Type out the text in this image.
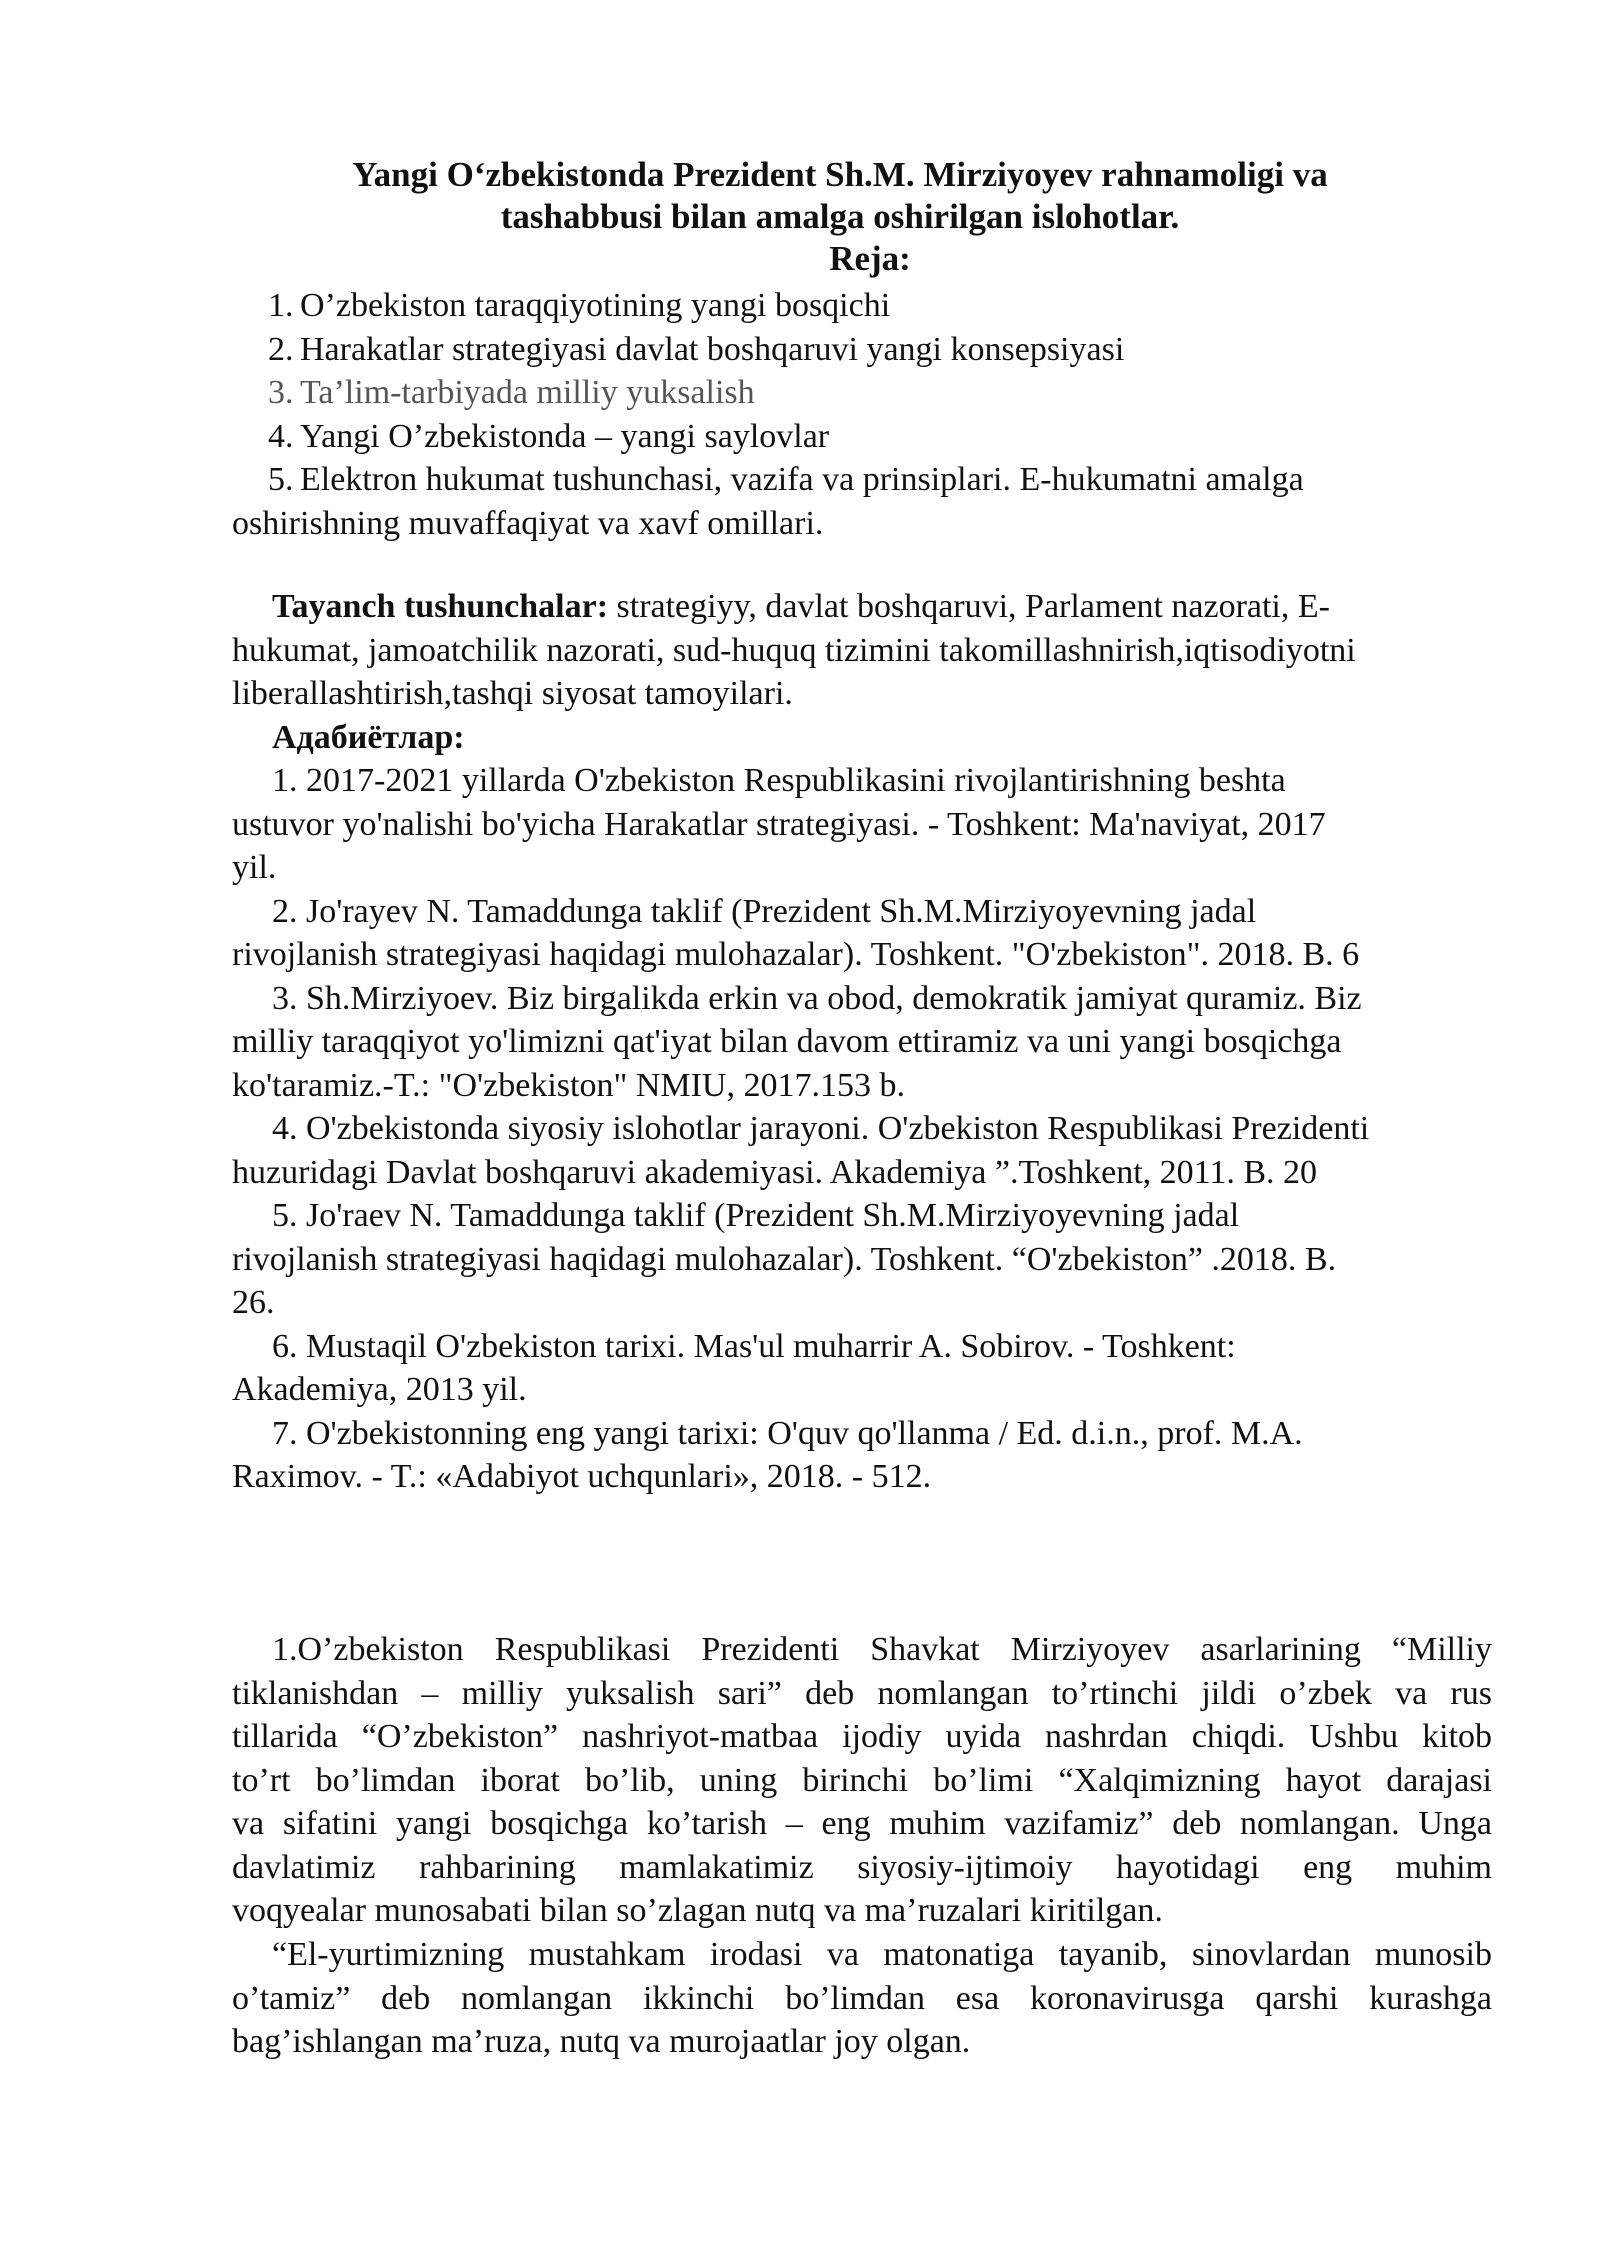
Yangi O‘zbekistonda Prezident Sh.M. Mirziyoyev rahnamoligi va
tashabbusi bilan amalga oshirilgan islohotlar.
Reja:
1. O’zbekiston taraqqiyotining yangi bosqichi
2. Harakatlar strategiyasi davlat boshqaruvi yangi konsepsiyasi
3. Ta’lim-tarbiyada milliy yuksalish
4. Yangi O’zbekistonda – yangi saylovlar
5. Elektron hukumat tushunchasi, vazifa va prinsiplari. E-hukumatni amalga
oshirishning muvaffaqiyat va xavf omillari.
Tayanch tushunchalar: strategiyy, davlat boshqaruvi, Parlament nazorati, E-
hukumat, jamoatchilik nazorati, sud-huquq tizimini takomillashnirish,iqtisodiyotni
liberallashtirish,tashqi siyosat tamoyilari.
Адабиётлар:
1. 2017-2021 yillarda O'zbekiston Respublikasini rivojlantirishning beshta
ustuvor yo'nalishi bo'yicha Harakatlar strategiyasi. - Toshkent: Ma'naviyat, 2017
yil.
2. Jo'rayev N. Tamaddunga taklif (Prezident Sh.M.Mirziyoyevning jadal
rivojlanish strategiyasi haqidagi mulohazalar). Toshkent. "O'zbekiston". 2018. B. 6
3. Sh.Mirziyoev. Biz birgalikda erkin va obod, demokratik jamiyat quramiz. Biz
milliy taraqqiyot yo'limizni qat'iyat bilan davom ettiramiz va uni yangi bosqichga
ko'taramiz.-T.: "O'zbekiston" NMIU, 2017.153 b.
4. O'zbekistonda siyosiy islohotlar jarayoni. O'zbekiston Respublikasi Prezidenti
huzuridagi Davlat boshqaruvi akademiyasi. Akademiya ”.Toshkent, 2011. B. 20
5. Jo'raev N. Tamaddunga taklif (Prezident Sh.M.Mirziyoyevning jadal
rivojlanish strategiyasi haqidagi mulohazalar). Toshkent. “O'zbekiston” .2018. B.
26.
6. Mustaqil O'zbekiston tarixi. Mas'ul muharrir A. Sobirov. - Toshkent:
Akademiya, 2013 yil.
7. O'zbekistonning eng yangi tarixi: O'quv qo'llanma / Ed. d.i.n., prof. M.A.
Raximov. - T.: «Adabiyot uchqunlari», 2018. - 512.
1.O’zbekiston Respublikasi Prezidenti Shavkat Mirziyoyev asarlarining “Milliy
tiklanishdan – milliy yuksalish sari” deb nomlangan to’rtinchi jildi o’zbek va rus
tillarida “O’zbekiston” nashriyot-matbaa ijodiy uyida nashrdan chiqdi. Ushbu kitob
to’rt bo’limdan iborat bo’lib, uning birinchi bo’limi “Xalqimizning hayot darajasi
va sifatini yangi bosqichga ko’tarish – eng muhim vazifamiz” deb nomlangan. Unga
davlatimiz rahbarining mamlakatimiz siyosiy-ijtimoiy hayotidagi eng muhim
voqyealar munosabati bilan so’zlagan nutq va ma’ruzalari kiritilgan.
“El-yurtimizning mustahkam irodasi va matonatiga tayanib, sinovlardan munosib
o’tamiz” deb nomlangan ikkinchi bo’limdan esa koronavirusga qarshi kurashga
bag’ishlangan ma’ruza, nutq va murojaatlar joy olgan.
